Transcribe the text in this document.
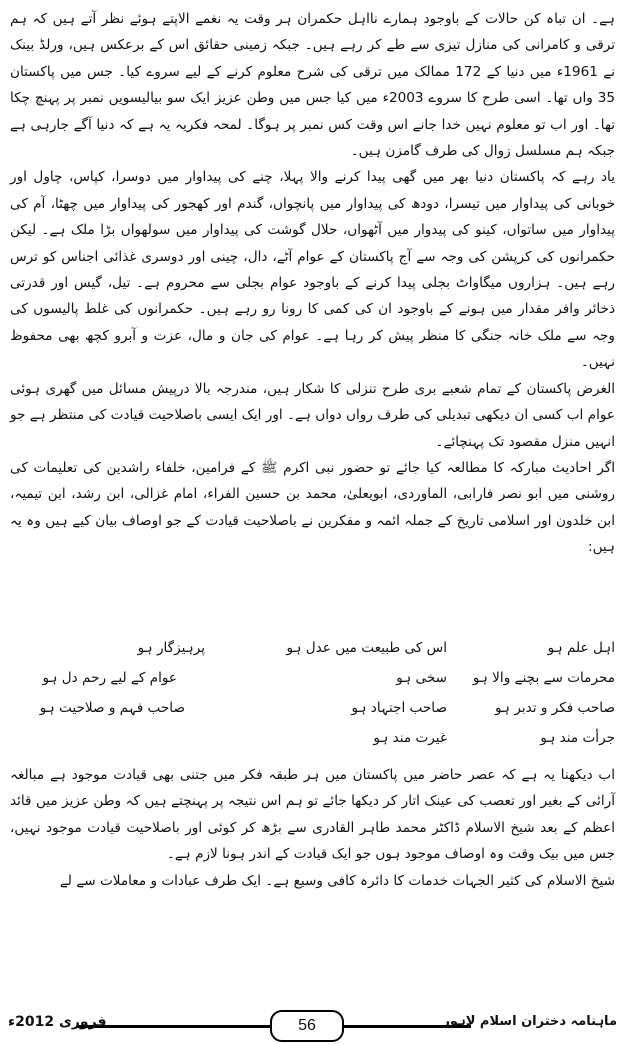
ہے۔ ان تباہ کن حالات کے باوجود ہمارے نااہل حکمران ہر وقت یہ نغمے الاپتے ہوئے نظر آتے ہیں کہ ہم ترقی و کامرانی کی منازل تیزی سے طے کر رہے ہیں۔ جبکہ زمینی حقائق اس کے برعکس ہیں، ورلڈ بینک نے 1961ء میں دنیا کے 172 ممالک میں ترقی کی شرح معلوم کرنے کے لیے سروے کیا۔ جس میں پاکستان 35 واں تھا۔ اسی طرح کا سروے 2003ء میں کیا جس میں وطن عزیز ایک سو بیالیسویں نمبر پر پہنچ چکا تھا۔ اور اب تو معلوم نہیں خدا جانے اس وقت کس نمبر پر ہوگا۔ لمحہ فکریہ یہ ہے کہ دنیا آگے جارہی ہے جبکہ ہم مسلسل زوال کی طرف گامزن ہیں۔

یاد رہے کہ پاکستان دنیا بھر میں گھی پیدا کرنے والا پہلا، چنے کی پیداوار میں دوسرا، کپاس، چاول اور خوبانی کی پیداوار میں تیسرا، دودھ کی پیداوار میں پانچواں، گندم اور کھجور کی پیداوار میں چھٹا، آم کی پیداوار میں ساتواں، کینو کی پیدوار میں آٹھواں، حلال گوشت کی پیداوار میں سولھواں بڑا ملک ہے۔ لیکن حکمرانوں کی کرپشن کی وجہ سے آج پاکستان کے عوام آٹے، دال، چینی اور دوسری غذائی اجناس کو ترس رہے ہیں۔ ہزاروں میگاواٹ بجلی پیدا کرنے کے باوجود عوام بجلی سے محروم ہے۔ تیل، گیس اور قدرتی ذخائر وافر مقدار میں ہونے کے باوجود ان کی کمی کا رونا رو رہے ہیں۔ حکمرانوں کی غلط پالیسوں کی وجہ سے ملک خانہ جنگی کا منظر پیش کر رہا ہے۔ عوام کی جان و مال، عزت و آبرو کچھ بھی محفوظ نہیں۔

الغرض پاکستان کے تمام شعبے بری طرح تنزلی کا شکار ہیں، مندرجہ بالا درپیش مسائل میں گھری ہوئی عوام اب کسی ان دیکھی تبدیلی کی طرف رواں دواں ہے۔ اور ایک ایسی باصلاحیت قیادت کی منتظر ہے جو انہیں منزل مقصود تک پہنچائے۔

اگر احادیث مبارکہ کا مطالعہ کیا جائے تو حضور نبی اکرم ﷺ کے فرامین، خلفاء راشدین کی تعلیمات کی روشنی میں ابو نصر فارابی، الماوردی، ابویعلیٰ، محمد بن حسین الفراء، امام غزالی، ابن رشد، ابن تیمیہ، ابن خلدون اور اسلامی تاریخ کے جملہ ائمہ و مفکرین نے باصلاحیت قیادت کے جو اوصاف بیان کیے ہیں وہ یہ ہیں:

اہل علم ہو
اس کی طبیعت میں عدل ہو
پرہیزگار ہو
محرمات سے بچنے والا ہو
سخی ہو
عوام کے لیے رحم دل ہو
صاحب فکر و تدبر ہو
صاحب اجتہاد ہو
صاحب فہم و صلاحیت ہو
جرأت مند ہو
غیرت مند ہو

اب دیکھنا یہ ہے کہ عصر حاضر میں پاکستان میں ہر طبقہ فکر میں جتنی بھی قیادت موجود ہے مبالغہ آرائی کے بغیر اور تعصب کی عینک اتار کر دیکھا جائے تو ہم اس نتیجہ پر پہنچتے ہیں کہ وطن عزیز میں قائد اعظم کے بعد شیخ الاسلام ڈاکٹر محمد طاہر القادری سے بڑھ کر کوئی اور باصلاحیت قیادت موجود نہیں، جس میں بیک وقت وہ اوصاف موجود ہوں جو ایک قیادت کے اندر ہونا لازم ہے۔

شیخ الاسلام کی کثیر الجہات خدمات کا دائرہ کافی وسیع ہے۔ ایک طرف عبادات و معاملات سے لے

ماہنامہ دختران اسلام لاہور
فروری 2012ء	56
